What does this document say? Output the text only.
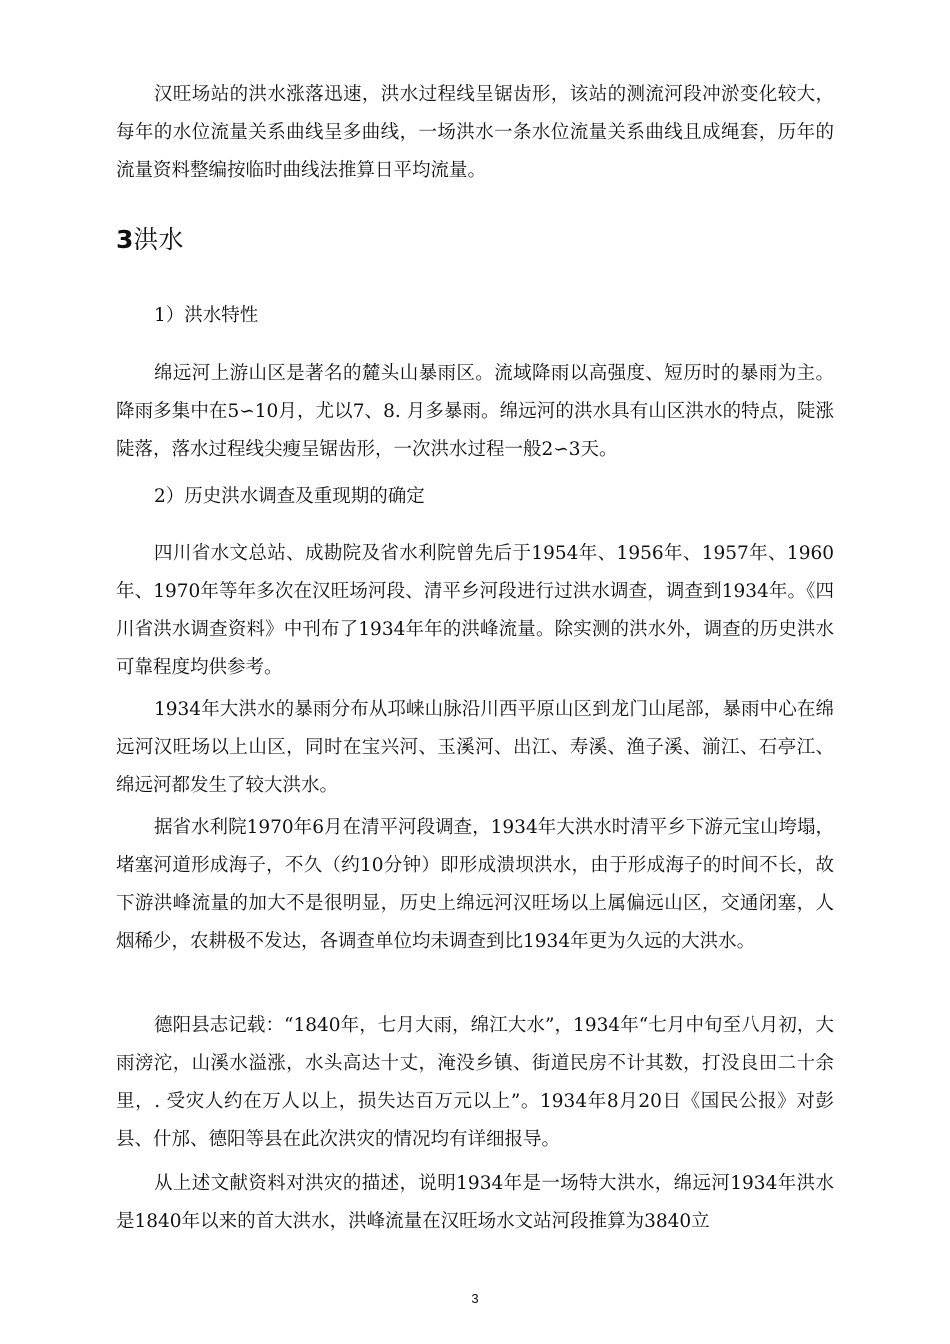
汉旺场站的洪水涨落迅速，洪水过程线呈锯齿形，该站的测流河段冲淤变化较大，每年的水位流量关系曲线呈多曲线，一场洪水一条水位流量关系曲线且成绳套，历年的流量资料整编按临时曲线法推算日平均流量。

3洪水

1）洪水特性

绵远河上游山区是著名的麓头山暴雨区。流域降雨以高强度、短历时的暴雨为主。降雨多集中在5∽10月，尤以7、8. 月多暴雨。绵远河的洪水具有山区洪水的特点，陡涨陡落，落水过程线尖瘦呈锯齿形，一次洪水过程一般2∽3天。

2）历史洪水调查及重现期的确定

四川省水文总站、成勘院及省水利院曾先后于1954年、1956年、1957年、1960年、1970年等年多次在汉旺场河段、清平乡河段进行过洪水调查，调查到1934年。《四川省洪水调查资料》中刊布了1934年年的洪峰流量。除实测的洪水外，调查的历史洪水可靠程度均供参考。

1934年大洪水的暴雨分布从邛崃山脉沿川西平原山区到龙门山尾部，暴雨中心在绵远河汉旺场以上山区，同时在宝兴河、玉溪河、出江、寿溪、渔子溪、湔江、石亭江、绵远河都发生了较大洪水。

据省水利院1970年6月在清平河段调查，1934年大洪水时清平乡下游元宝山垮塌，堵塞河道形成海子，不久（约10分钟）即形成溃坝洪水，由于形成海子的时间不长，故下游洪峰流量的加大不是很明显，历史上绵远河汉旺场以上属偏远山区，交通闭塞，人烟稀少，农耕极不发达，各调查单位均未调查到比1934年更为久远的大洪水。

德阳县志记载：“1840年，七月大雨，绵江大水”，1934年“七月中旬至八月初，大雨滂沱，山溪水溢涨，水头高达十丈，淹没乡镇、街道民房不计其数，打没良田二十余里，. 受灾人约在万人以上，损失达百万元以上”。1934年8月20日《国民公报》对彭县、什邡、德阳等县在此次洪灾的情况均有详细报导。

从上述文献资料对洪灾的描述，说明1934年是一场特大洪水，绵远河1934年洪水是1840年以来的首大洪水，洪峰流量在汉旺场水文站河段推算为3840立

3
